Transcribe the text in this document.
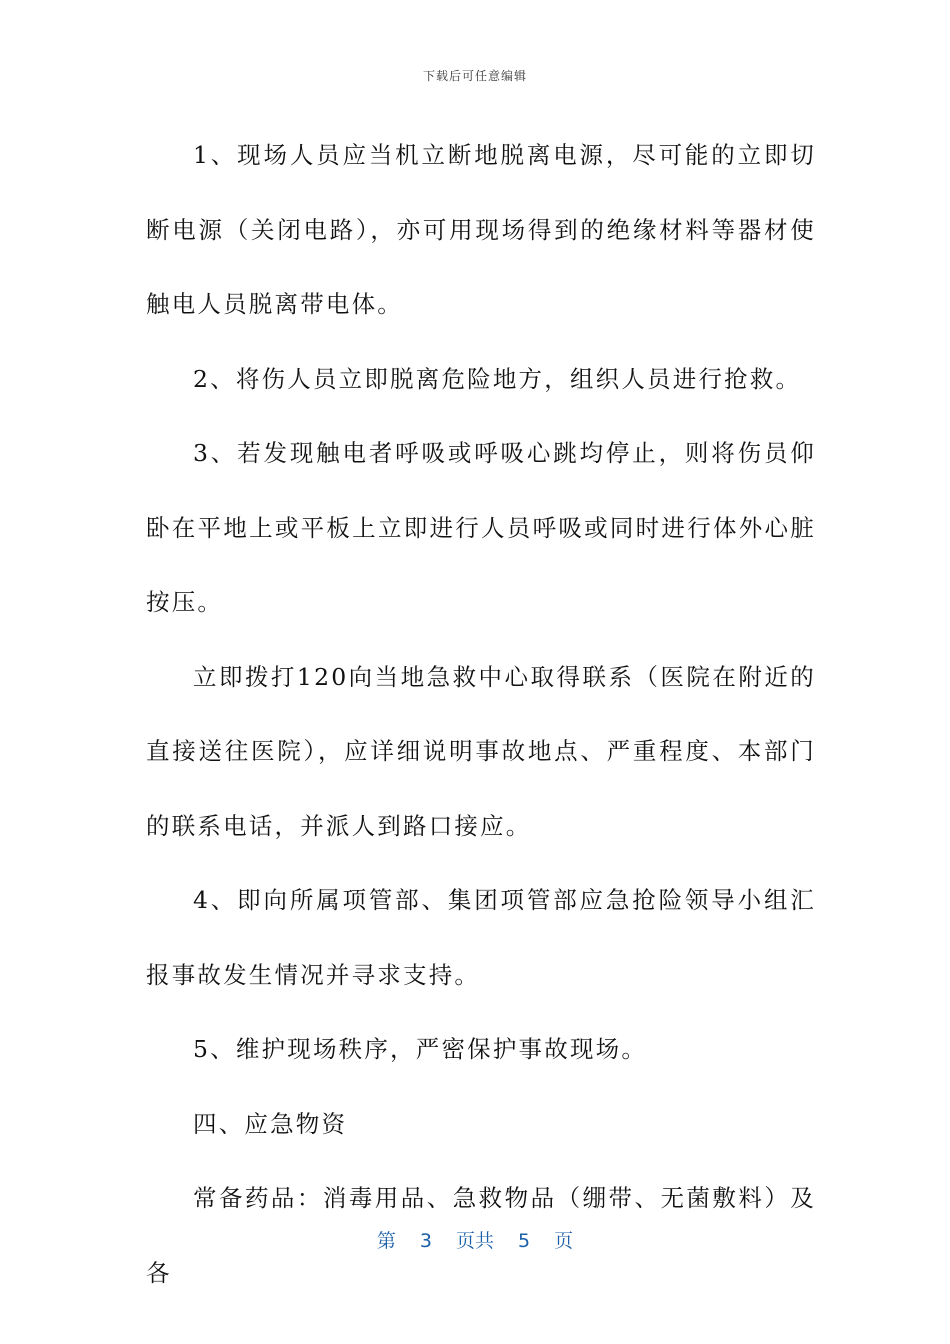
下载后可任意编辑

1、现场人员应当机立断地脱离电源，尽可能的立即切断电源（关闭电路），亦可用现场得到的绝缘材料等器材使触电人员脱离带电体。

2、将伤人员立即脱离危险地方，组织人员进行抢救。

3、若发现触电者呼吸或呼吸心跳均停止，则将伤员仰卧在平地上或平板上立即进行人员呼吸或同时进行体外心脏按压。

立即拨打120向当地急救中心取得联系（医院在附近的直接送往医院），应详细说明事故地点、严重程度、本部门的联系电话，并派人到路口接应。

4、即向所属项管部、集团项管部应急抢险领导小组汇报事故发生情况并寻求支持。

5、维护现场秩序，严密保护事故现场。

四、应急物资

常备药品：消毒用品、急救物品（绷带、无菌敷料）及各

第 3 页共 5 页
